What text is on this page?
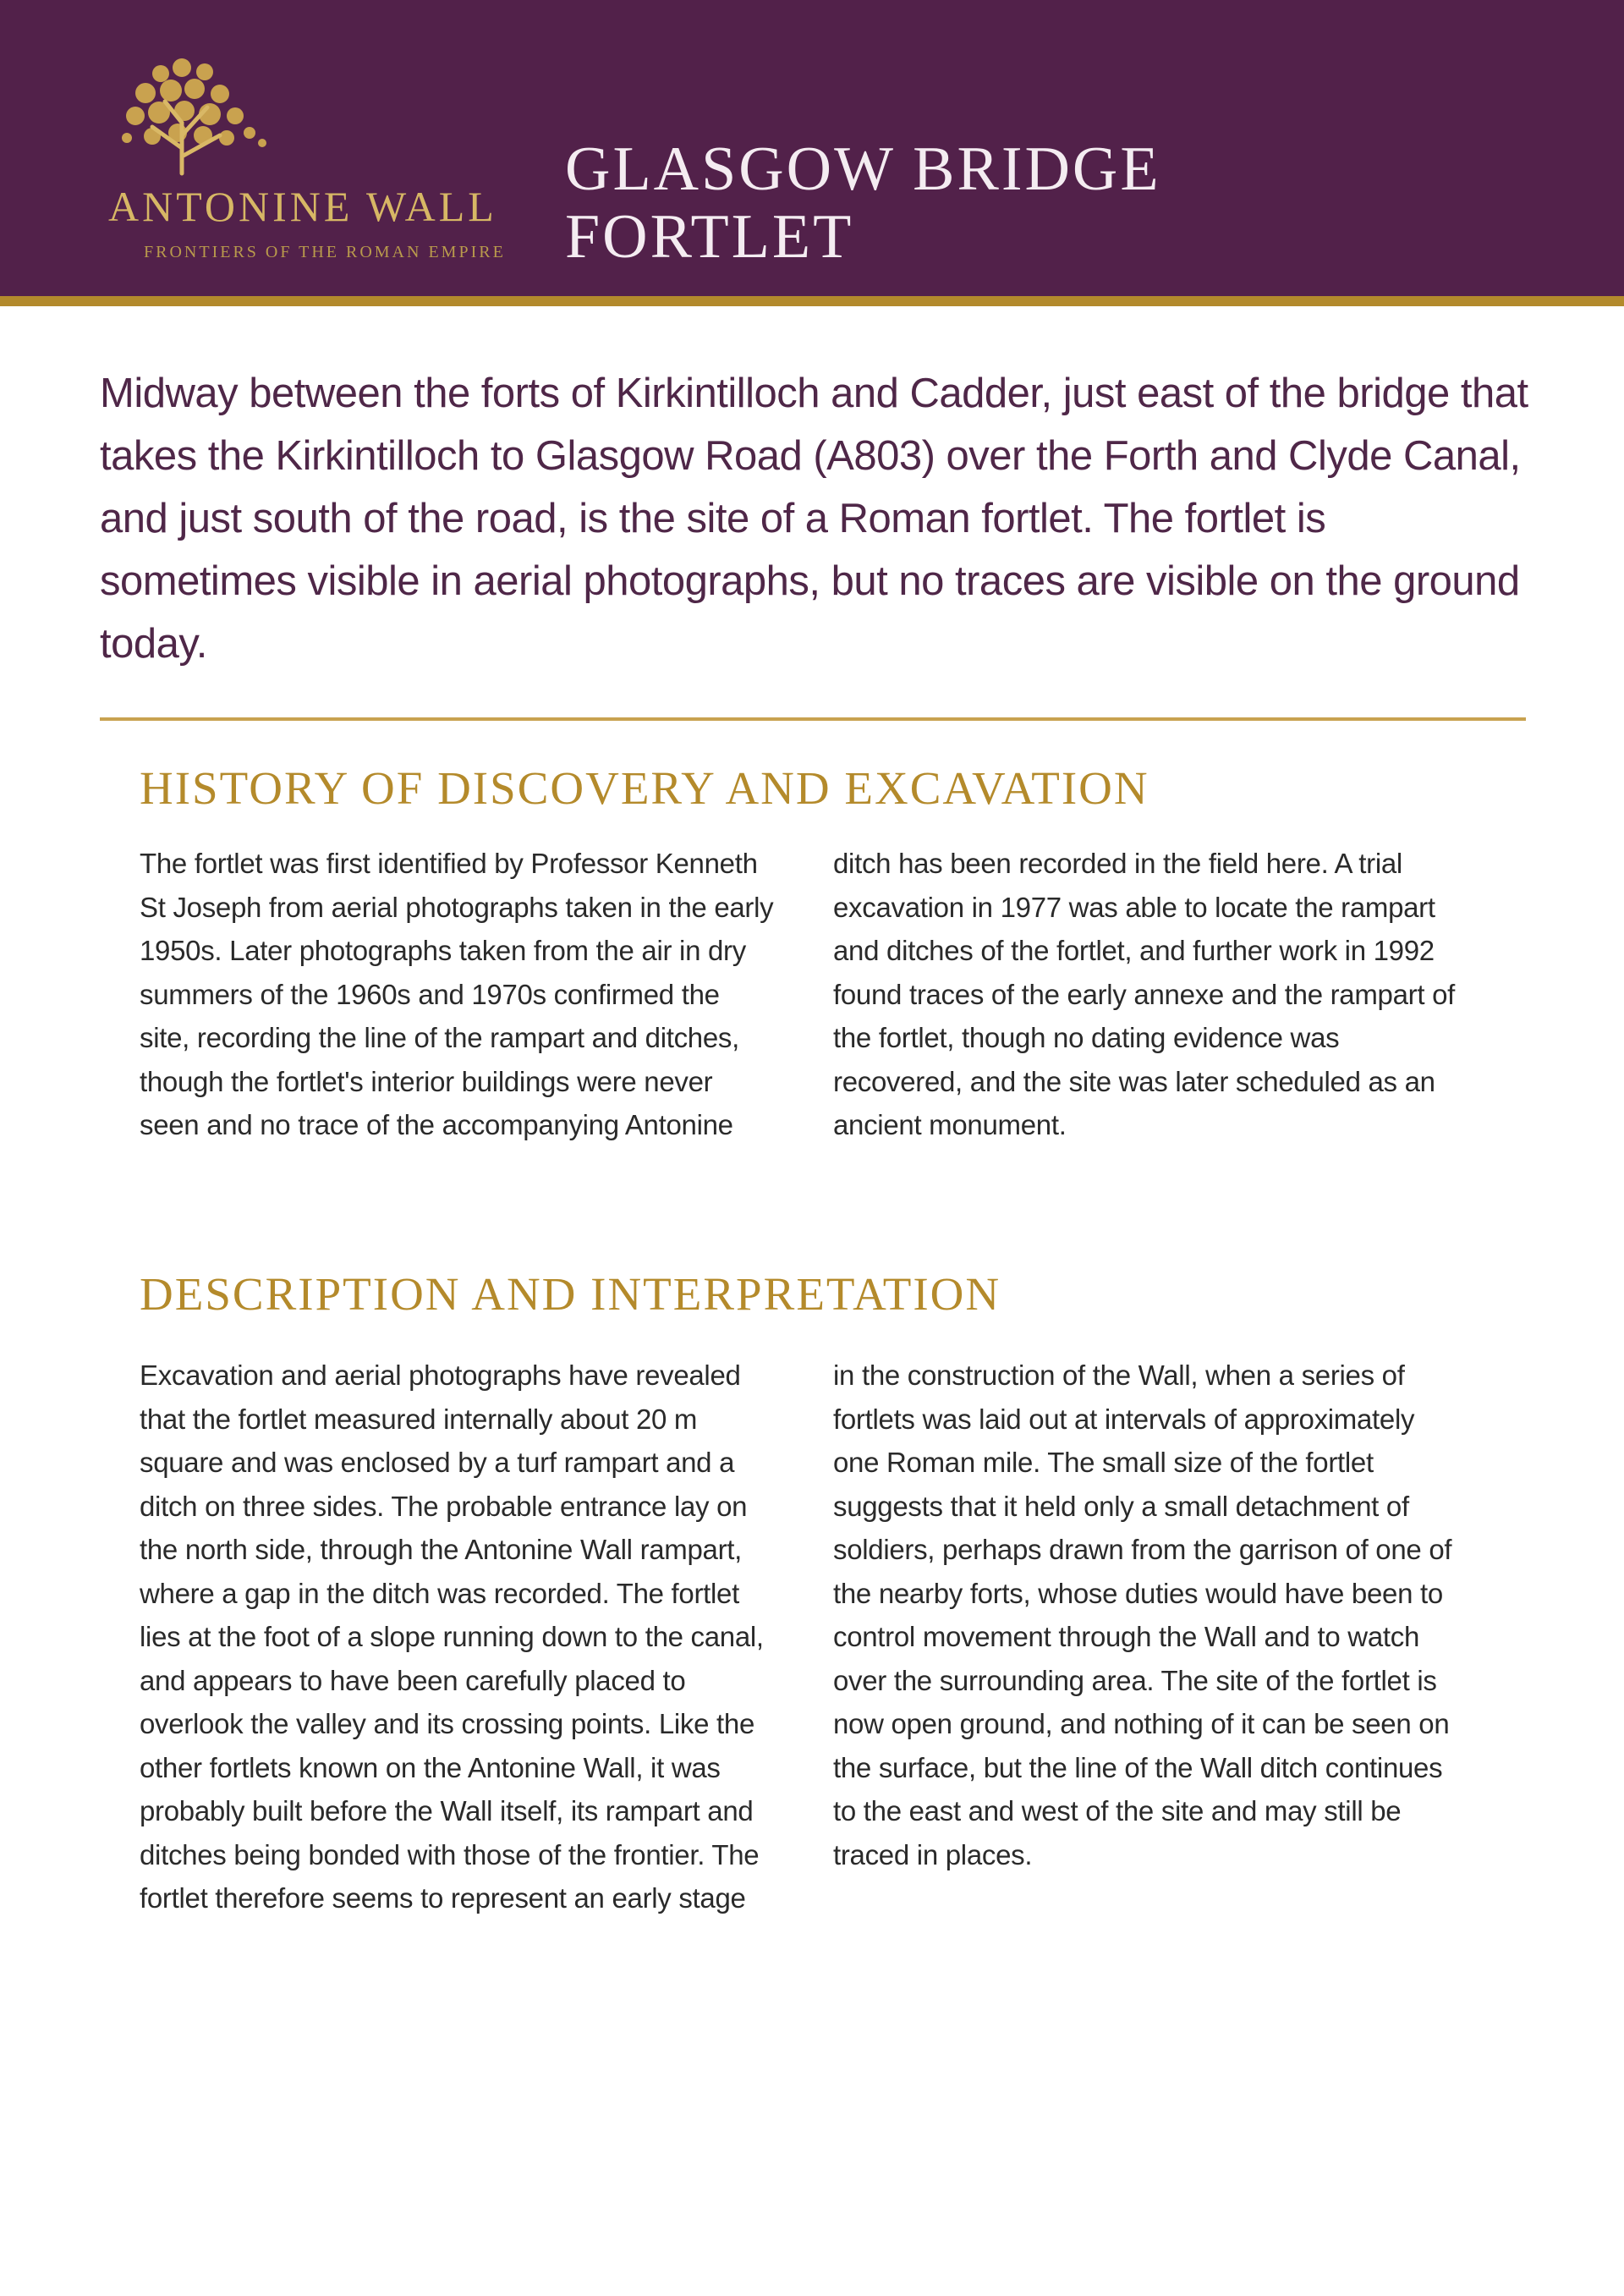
ANTONINE WALL
FRONTIERS OF THE ROMAN EMPIRE
GLASGOW BRIDGE
FORTLET

Midway between the forts of Kirkintilloch and Cadder, just east of the bridge that takes the Kirkintilloch to Glasgow Road (A803) over the Forth and Clyde Canal, and just south of the road, is the site of a Roman fortlet. The fortlet is sometimes visible in aerial photographs, but no traces are visible on the ground today.

HISTORY OF DISCOVERY AND EXCAVATION

The fortlet was first identified by Professor Kenneth St Joseph from aerial photographs taken in the early 1950s. Later photographs taken from the air in dry summers of the 1960s and 1970s confirmed the site, recording the line of the rampart and ditches, though the fortlet's interior buildings were never seen and no trace of the accompanying Antonine ditch has been recorded in the field here. A trial excavation in 1977 was able to locate the rampart and ditches of the fortlet, and further work in 1992 found traces of the early annexe and the rampart of the fortlet, though no dating evidence was recovered, and the site was later scheduled as an ancient monument.

DESCRIPTION AND INTERPRETATION

Excavation and aerial photographs have revealed that the fortlet measured internally about 20 m square and was enclosed by a turf rampart and a ditch on three sides. The probable entrance lay on the north side, through the Antonine Wall rampart, where a gap in the ditch was recorded. The fortlet lies at the foot of a slope running down to the canal, and appears to have been carefully placed to overlook the valley and its crossing points. Like the other fortlets known on the Antonine Wall, it was probably built before the Wall itself, its rampart and ditches being bonded with those of the frontier. The fortlet therefore seems to represent an early stage in the construction of the Wall, when a series of fortlets was laid out at intervals of approximately one Roman mile. The small size of the fortlet suggests that it held only a small detachment of soldiers, perhaps drawn from the garrison of one of the nearby forts, whose duties would have been to control movement through the Wall and to watch over the surrounding area. The site of the fortlet is now open ground, and nothing of it can be seen on the surface, but the line of the Wall ditch continues to the east and west of the site and may still be traced in places.
